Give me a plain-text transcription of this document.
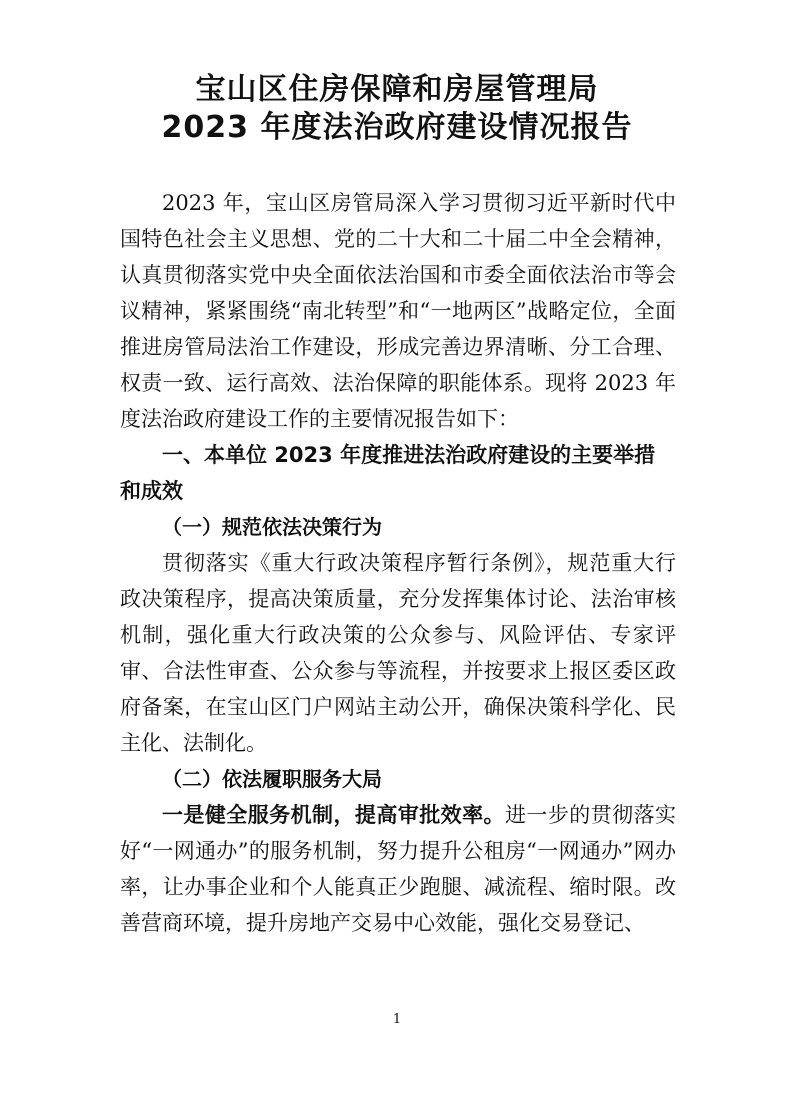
宝山区住房保障和房屋管理局
2023 年度法治政府建设情况报告

2023 年，宝山区房管局深入学习贯彻习近平新时代中国特色社会主义思想、党的二十大和二十届二中全会精神，认真贯彻落实党中央全面依法治国和市委全面依法治市等会议精神，紧紧围绕“南北转型”和“一地两区”战略定位，全面推进房管局法治工作建设，形成完善边界清晰、分工合理、权责一致、运行高效、法治保障的职能体系。现将 2023 年度法治政府建设工作的主要情况报告如下：

一、本单位 2023 年度推进法治政府建设的主要举措和成效

（一）规范依法决策行为

贯彻落实《重大行政决策程序暂行条例》，规范重大行政决策程序，提高决策质量，充分发挥集体讨论、法治审核机制，强化重大行政决策的公众参与、风险评估、专家评审、合法性审查、公众参与等流程，并按要求上报区委区政府备案，在宝山区门户网站主动公开，确保决策科学化、民主化、法制化。

（二）依法履职服务大局

一是健全服务机制，提高审批效率。进一步的贯彻落实好“一网通办”的服务机制，努力提升公租房“一网通办”网办率，让办事企业和个人能真正少跑腿、减流程、缩时限。改善营商环境，提升房地产交易中心效能，强化交易登记、

1
